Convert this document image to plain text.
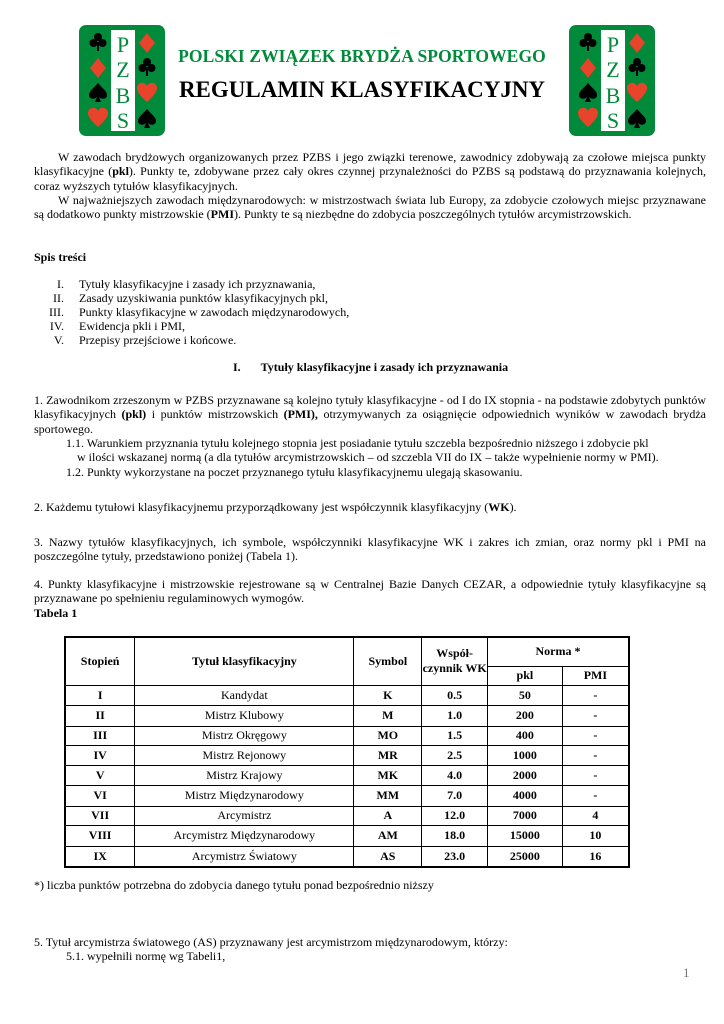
P
Z
B
S
P
Z
B
S
POLSKI ZWIĄZEK BRYDŻA SPORTOWEGO
REGULAMIN KLASYFIKACYJNY

W zawodach brydżowych organizowanych przez PZBS i jego związki terenowe, zawodnicy zdobywają za czołowe miejsca punkty klasyfikacyjne (pkl). Punkty te, zdobywane przez cały okres czynnej przynależności do PZBS są podstawą do przyznawania kolejnych, coraz wyższych tytułów klasyfikacyjnych.

W najważniejszych zawodach międzynarodowych: w mistrzostwach świata lub Europy, za zdobycie czołowych miejsc przyznawane są dodatkowo punkty mistrzowskie (PMI). Punkty te są niezbędne do zdobycia poszczególnych tytułów arcymistrzowskich.

Spis treści
I. Tytuły klasyfikacyjne i zasady ich przyznawania,
II. Zasady uzyskiwania punktów klasyfikacyjnych pkl,
III. Punkty klasyfikacyjne w zawodach międzynarodowych,
IV. Ewidencja pkli i PMI,
V. Przepisy przejściowe i końcowe.
I. Tytuły klasyfikacyjne i zasady ich przyznawania

1. Zawodnikom zrzeszonym w PZBS przyznawane są kolejno tytuły klasyfikacyjne - od I do IX stopnia - na podstawie zdobytych punktów klasyfikacyjnych (pkl) i punktów mistrzowskich (PMI), otrzymywanych za osiągnięcie odpowiednich wyników w zawodach brydża sportowego.

1.1. Warunkiem przyznania tytułu kolejnego stopnia jest posiadanie tytułu szczebla bezpośrednio niższego i zdobycie pkl
w ilości wskazanej normą (a dla tytułów arcymistrzowskich – od szczebla VII do IX – także wypełnienie normy w PMI).
1.2. Punkty wykorzystane na poczet przyznanego tytułu klasyfikacyjnemu ulegają skasowaniu.
2. Każdemu tytułowi klasyfikacyjnemu przyporządkowany jest współczynnik klasyfikacyjny (WK).

3. Nazwy tytułów klasyfikacyjnych, ich symbole, współczynniki klasyfikacyjne WK i zakres ich zmian, oraz normy pkl i PMI na poszczególne tytuły, przedstawiono poniżej (Tabela 1).

4. Punkty klasyfikacyjne i mistrzowskie rejestrowane są w Centralnej Bazie Danych CEZAR, a odpowiednie tytuły klasyfikacyjne są przyznawane po spełnieniu regulaminowych wymogów.

Tabela 1
Stopień	Tytuł klasyfikacyjny	Symbol	Współ-
czynnik WK	Norma *	
				pkl	PMI
I	Kandydat	K	0.5	50	-
II	Mistrz Klubowy	M	1.0	200	-
III	Mistrz Okręgowy	MO	1.5	400	-
IV	Mistrz Rejonowy	MR	2.5	1000	-
V	Mistrz Krajowy	MK	4.0	2000	-
VI	Mistrz Międzynarodowy	MM	7.0	4000	-
VII	Arcymistrz	A	12.0	7000	4
VIII	Arcymistrz Międzynarodowy	AM	18.0	15000	10
IX	Arcymistrz Światowy	AS	23.0	25000	16
*) liczba punktów potrzebna do zdobycia danego tytułu ponad bezpośrednio niższy
5. Tytuł arcymistrza światowego (AS) przyznawany jest arcymistrzom międzynarodowym, którzy:
5.1. wypełnili normę wg Tabeli1,
1
